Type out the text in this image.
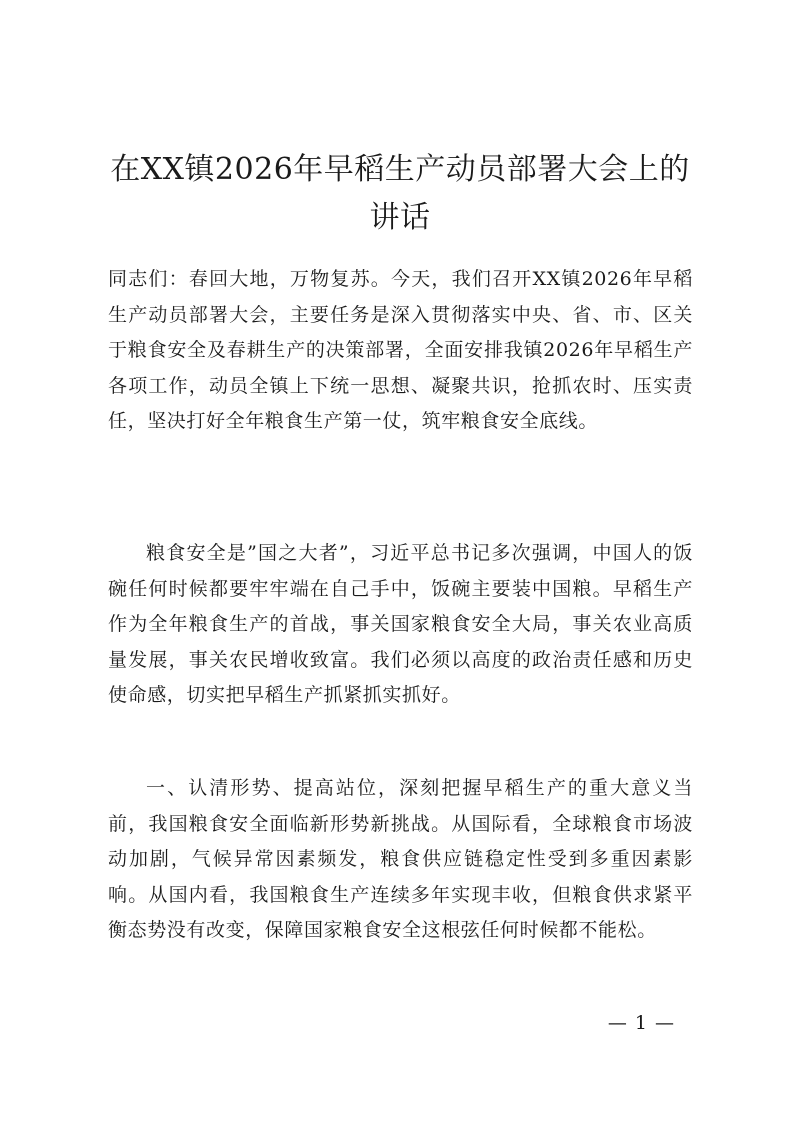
在XX镇2026年早稻生产动员部署大会上的讲话

同志们：春回大地，万物复苏。今天，我们召开XX镇2026年早稻生产动员部署大会，主要任务是深入贯彻落实中央、省、市、区关于粮食安全及春耕生产的决策部署，全面安排我镇2026年早稻生产各项工作，动员全镇上下统一思想、凝聚共识，抢抓农时、压实责任，坚决打好全年粮食生产第一仗，筑牢粮食安全底线。

粮食安全是”国之大者”，习近平总书记多次强调，中国人的饭碗任何时候都要牢牢端在自己手中，饭碗主要装中国粮。早稻生产作为全年粮食生产的首战，事关国家粮食安全大局，事关农业高质量发展，事关农民增收致富。我们必须以高度的政治责任感和历史使命感，切实把早稻生产抓紧抓实抓好。

一、认清形势、提高站位，深刻把握早稻生产的重大意义当前，我国粮食安全面临新形势新挑战。从国际看，全球粮食市场波动加剧，气候异常因素频发，粮食供应链稳定性受到多重因素影响。从国内看，我国粮食生产连续多年实现丰收，但粮食供求紧平衡态势没有改变，保障国家粮食安全这根弦任何时候都不能松。

— 1 —
